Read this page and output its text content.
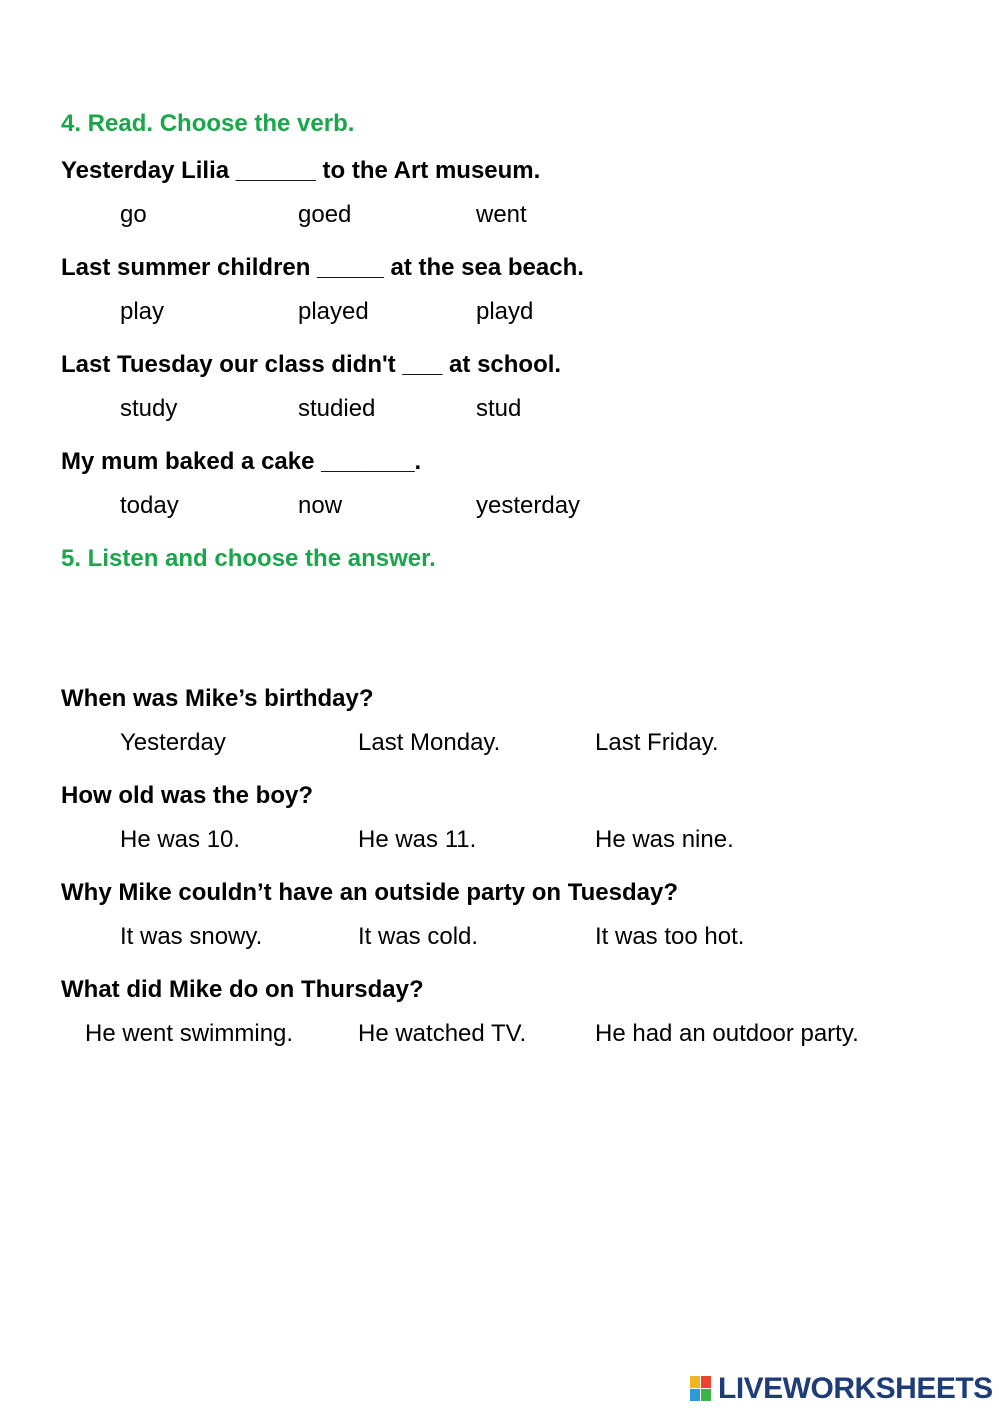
4. Read. Choose the verb.
Yesterday Lilia ______ to the Art museum.
go	goed	went
Last summer children _____ at the sea beach.
play	played	playd
Last Tuesday our class didn't ___ at school.
study	studied	stud
My mum baked a cake _______.
today	now	yesterday
5. Listen and choose the answer.
When was Mike’s birthday?
Yesterday	Last Monday.	Last Friday.
How old was the boy?
He was 10.	He was 11.	He was nine.
Why Mike couldn’t have an outside party on Tuesday?
It was snowy.	It was cold.	It was too hot.
What did Mike do on Thursday?
He went swimming.	He watched TV.	He had an outdoor party.
LIVEWORKSHEETS
